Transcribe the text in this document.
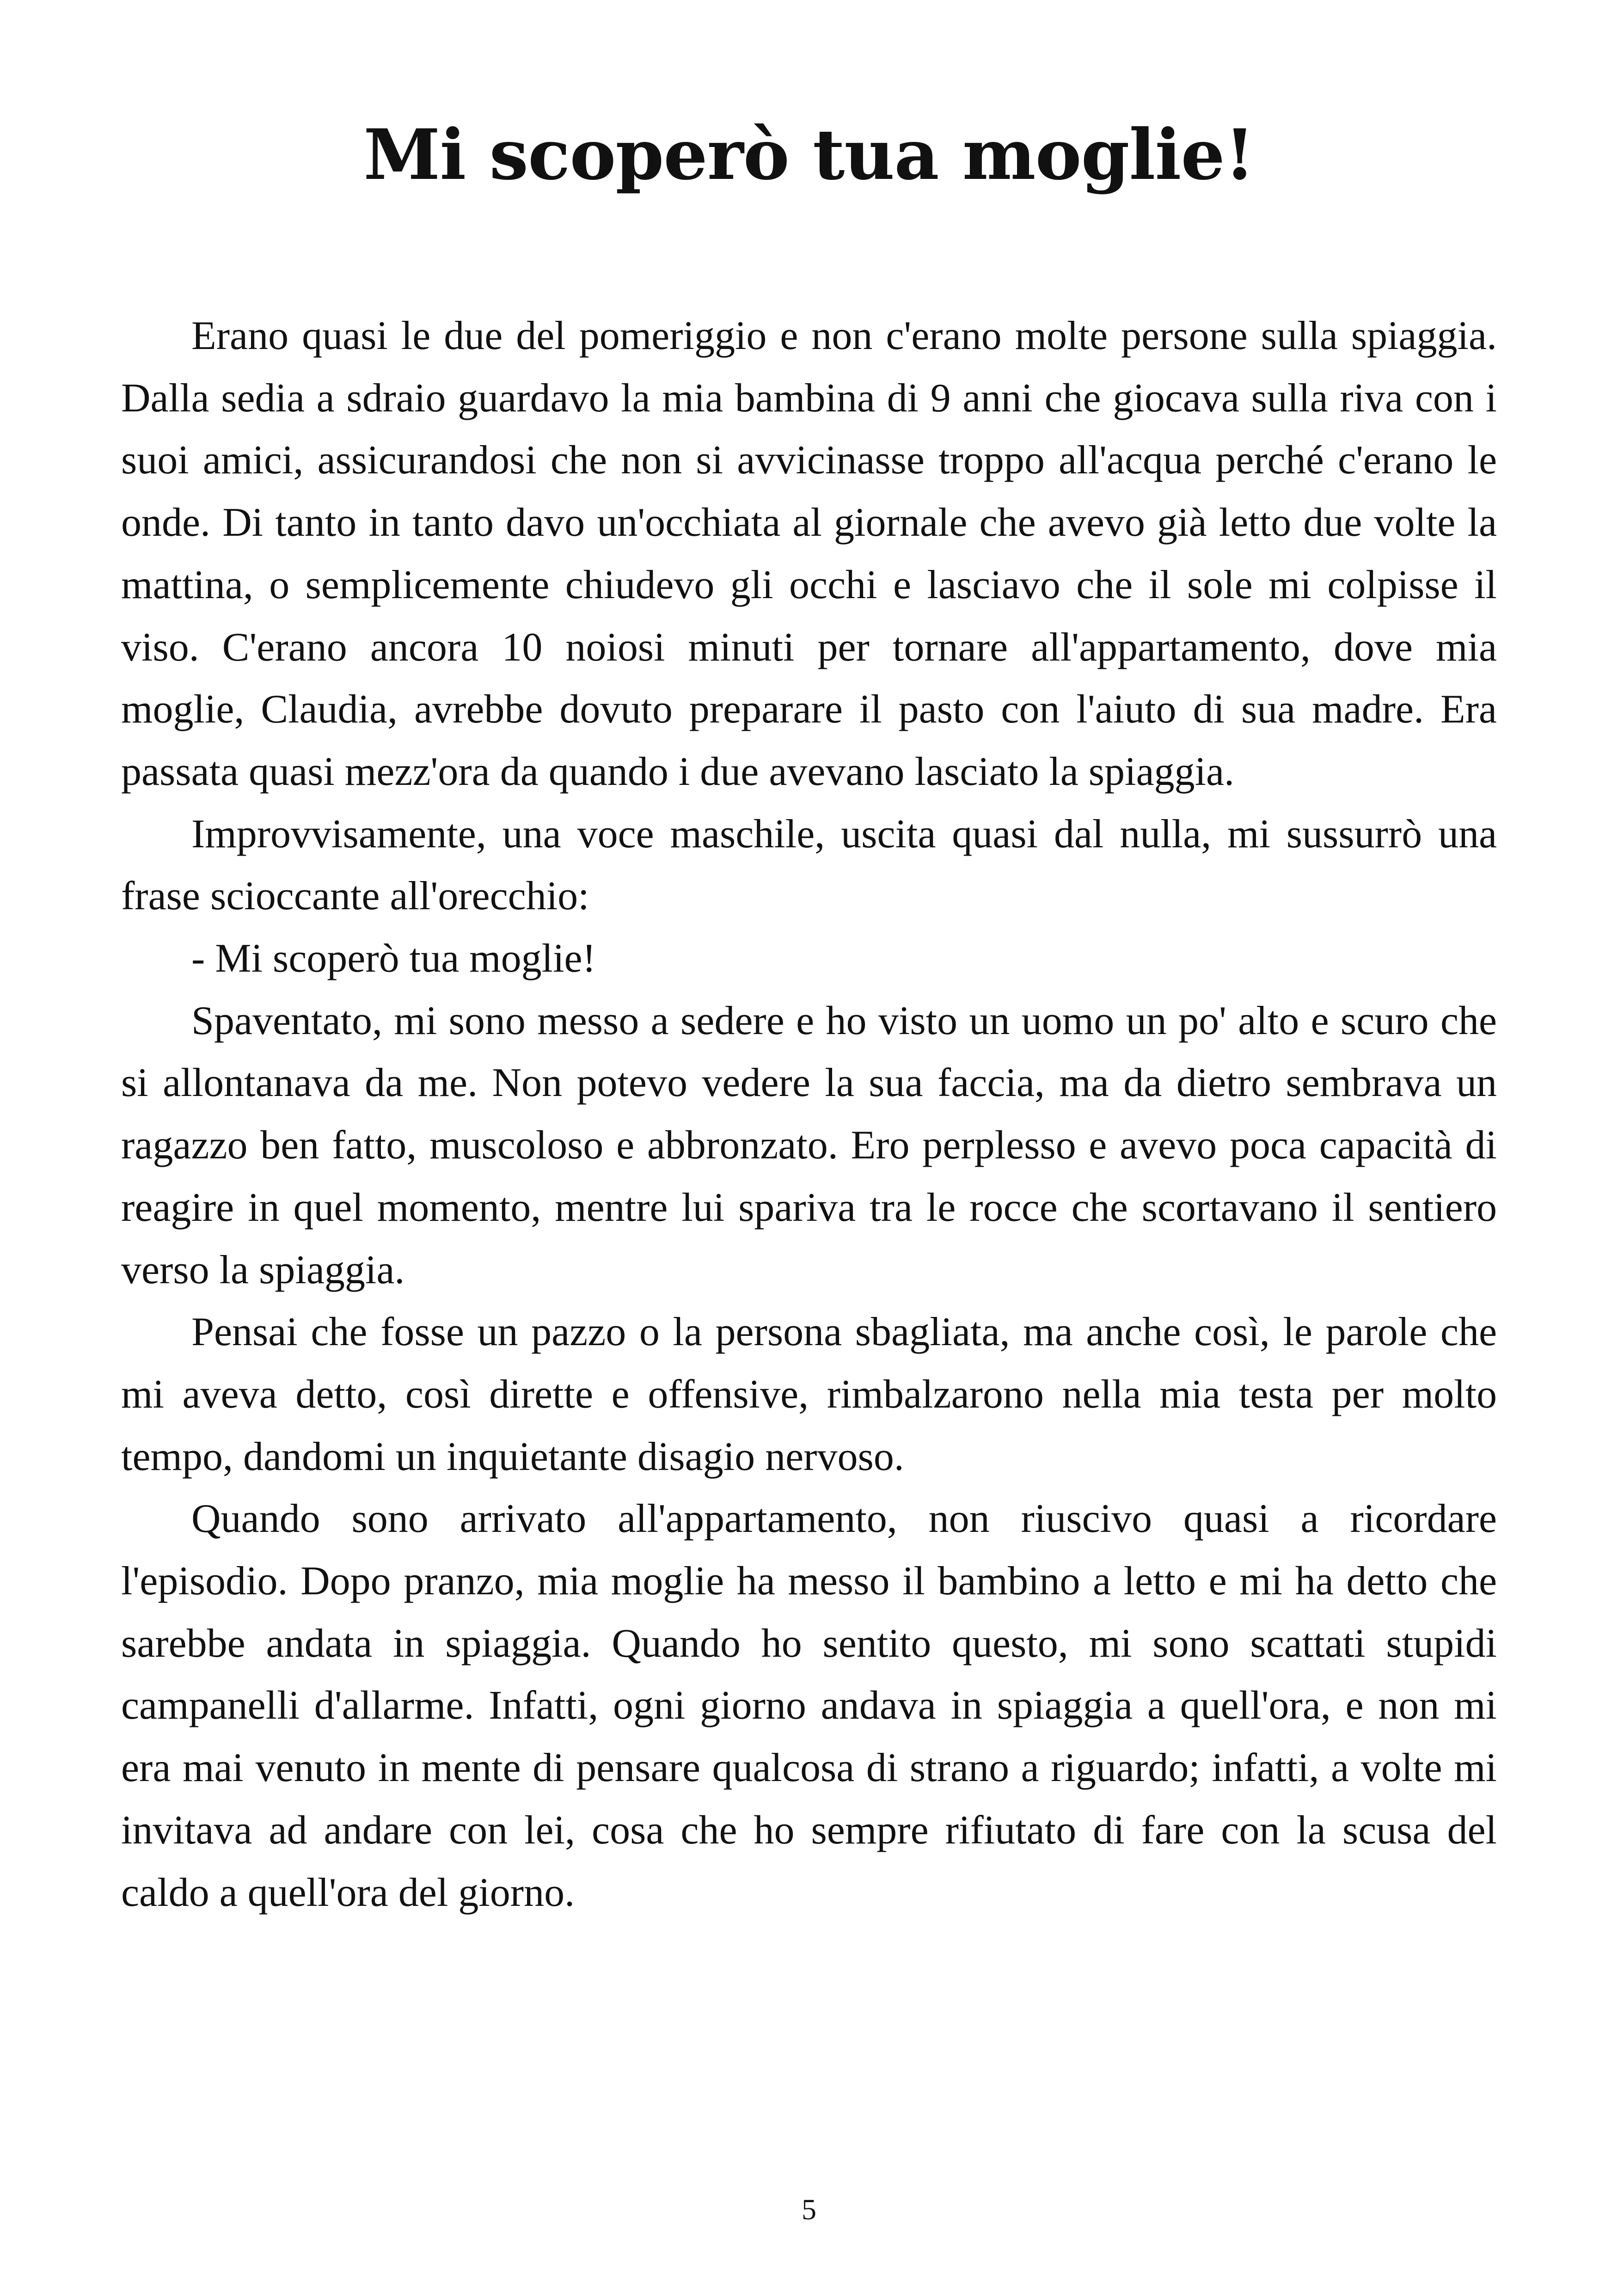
Mi scoperò tua moglie!

Erano quasi le due del pomeriggio e non c'erano molte persone sulla spiaggia. Dalla sedia a sdraio guardavo la mia bambina di 9 anni che giocava sulla riva con i suoi amici, assicurandosi che non si avvicinasse troppo all'acqua perché c'erano le onde. Di tanto in tanto davo un'occhiata al giornale che avevo già letto due volte la mattina, o semplicemente chiudevo gli occhi e lasciavo che il sole mi colpisse il viso. C'erano ancora 10 noiosi minuti per tornare all'appartamento, dove mia moglie, Claudia, avrebbe dovuto preparare il pasto con l'aiuto di sua madre. Era passata quasi mezz'ora da quando i due avevano lasciato la spiaggia.

Improvvisamente, una voce maschile, uscita quasi dal nulla, mi sussurrò una frase scioccante all'orecchio:

- Mi scoperò tua moglie!

Spaventato, mi sono messo a sedere e ho visto un uomo un po' alto e scuro che si allontanava da me. Non potevo vedere la sua faccia, ma da dietro sembrava un ragazzo ben fatto, muscoloso e abbronzato. Ero perplesso e avevo poca capacità di reagire in quel momento, mentre lui spariva tra le rocce che scortavano il sentiero verso la spiaggia.

Pensai che fosse un pazzo o la persona sbagliata, ma anche così, le parole che mi aveva detto, così dirette e offensive, rimbalzarono nella mia testa per molto tempo, dandomi un inquietante disagio nervoso.

Quando sono arrivato all'appartamento, non riuscivo quasi a ricordare l'episodio. Dopo pranzo, mia moglie ha messo il bambino a letto e mi ha detto che sarebbe andata in spiaggia. Quando ho sentito questo, mi sono scattati stupidi campanelli d'allarme. Infatti, ogni giorno andava in spiaggia a quell'ora, e non mi era mai venuto in mente di pensare qualcosa di strano a riguardo; infatti, a volte mi invitava ad andare con lei, cosa che ho sempre rifiutato di fare con la scusa del caldo a quell'ora del giorno.

5
